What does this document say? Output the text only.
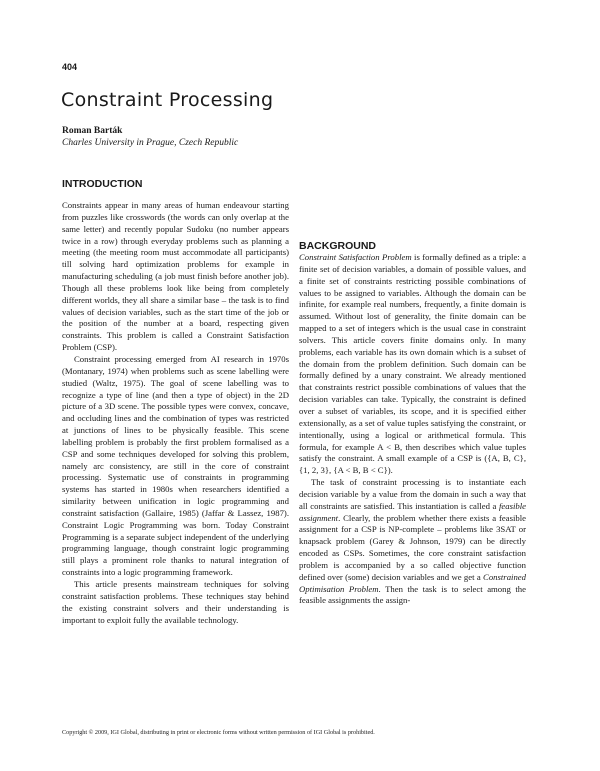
404
Constraint Processing
Roman Barták
Charles University in Prague, Czech Republic
INTRODUCTION

Constraints appear in many areas of human endeavour starting from puzzles like crosswords (the words can only overlap at the same letter) and recently popular Sudoku (no number appears twice in a row) through everyday problems such as planning a meeting (the meeting room must accommodate all participants) till solving hard optimization problems for example in manufacturing scheduling (a job must finish before another job). Though all these problems look like being from completely different worlds, they all share a similar base – the task is to find values of decision variables, such as the start time of the job or the position of the number at a board, respecting given constraints. This problem is called a Constraint Satisfaction Problem (CSP).

Constraint processing emerged from AI research in 1970s (Montanary, 1974) when problems such as scene labelling were studied (Waltz, 1975). The goal of scene labelling was to recognize a type of line (and then a type of object) in the 2D picture of a 3D scene. The possible types were convex, concave, and occluding lines and the combination of types was restricted at junctions of lines to be physically feasible. This scene labelling problem is probably the first problem formalised as a CSP and some techniques developed for solving this problem, namely arc consistency, are still in the core of constraint processing. Systematic use of constraints in programming systems has started in 1980s when researchers identified a similarity between unification in logic programming and constraint satisfaction (Gallaire, 1985) (Jaffar & Lassez, 1987). Constraint Logic Programming was born. Today Constraint Programming is a separate subject independent of the underlying programming language, though constraint logic programming still plays a prominent role thanks to natural integration of constraints into a logic programming framework.

This article presents mainstream techniques for solving constraint satisfaction problems. These techniques stay behind the existing constraint solvers and their understanding is important to exploit fully the available technology.

BACKGROUND

Constraint Satisfaction Problem is formally defined as a triple: a finite set of decision variables, a domain of possible values, and a finite set of constraints restricting possible combinations of values to be assigned to variables. Although the domain can be infinite, for example real numbers, frequently, a finite domain is assumed. Without lost of generality, the finite domain can be mapped to a set of integers which is the usual case in constraint solvers. This article covers finite domains only. In many problems, each variable has its own domain which is a subset of the domain from the problem definition. Such domain can be formally defined by a unary constraint. We already mentioned that constraints restrict possible combinations of values that the decision variables can take. Typically, the constraint is defined over a subset of variables, its scope, and it is specified either extensionally, as a set of value tuples satisfying the constraint, or intentionally, using a logical or arithmetical formula. This formula, for example A < B, then describes which value tuples satisfy the constraint. A small example of a CSP is ({A, B, C}, {1, 2, 3}, {A < B, B < C}).

The task of constraint processing is to instantiate each decision variable by a value from the domain in such a way that all constraints are satisfied. This instantiation is called a feasible assignment. Clearly, the problem whether there exists a feasible assignment for a CSP is NP-complete – problems like 3SAT or knapsack problem (Garey & Johnson, 1979) can be directly encoded as CSPs. Sometimes, the core constraint satisfaction problem is accompanied by a so called objective function defined over (some) decision variables and we get a Constrained Optimisation Problem. Then the task is to select among the feasible assignments the assign-

Copyright © 2009, IGI Global, distributing in print or electronic forms without written permission of IGI Global is prohibited.
